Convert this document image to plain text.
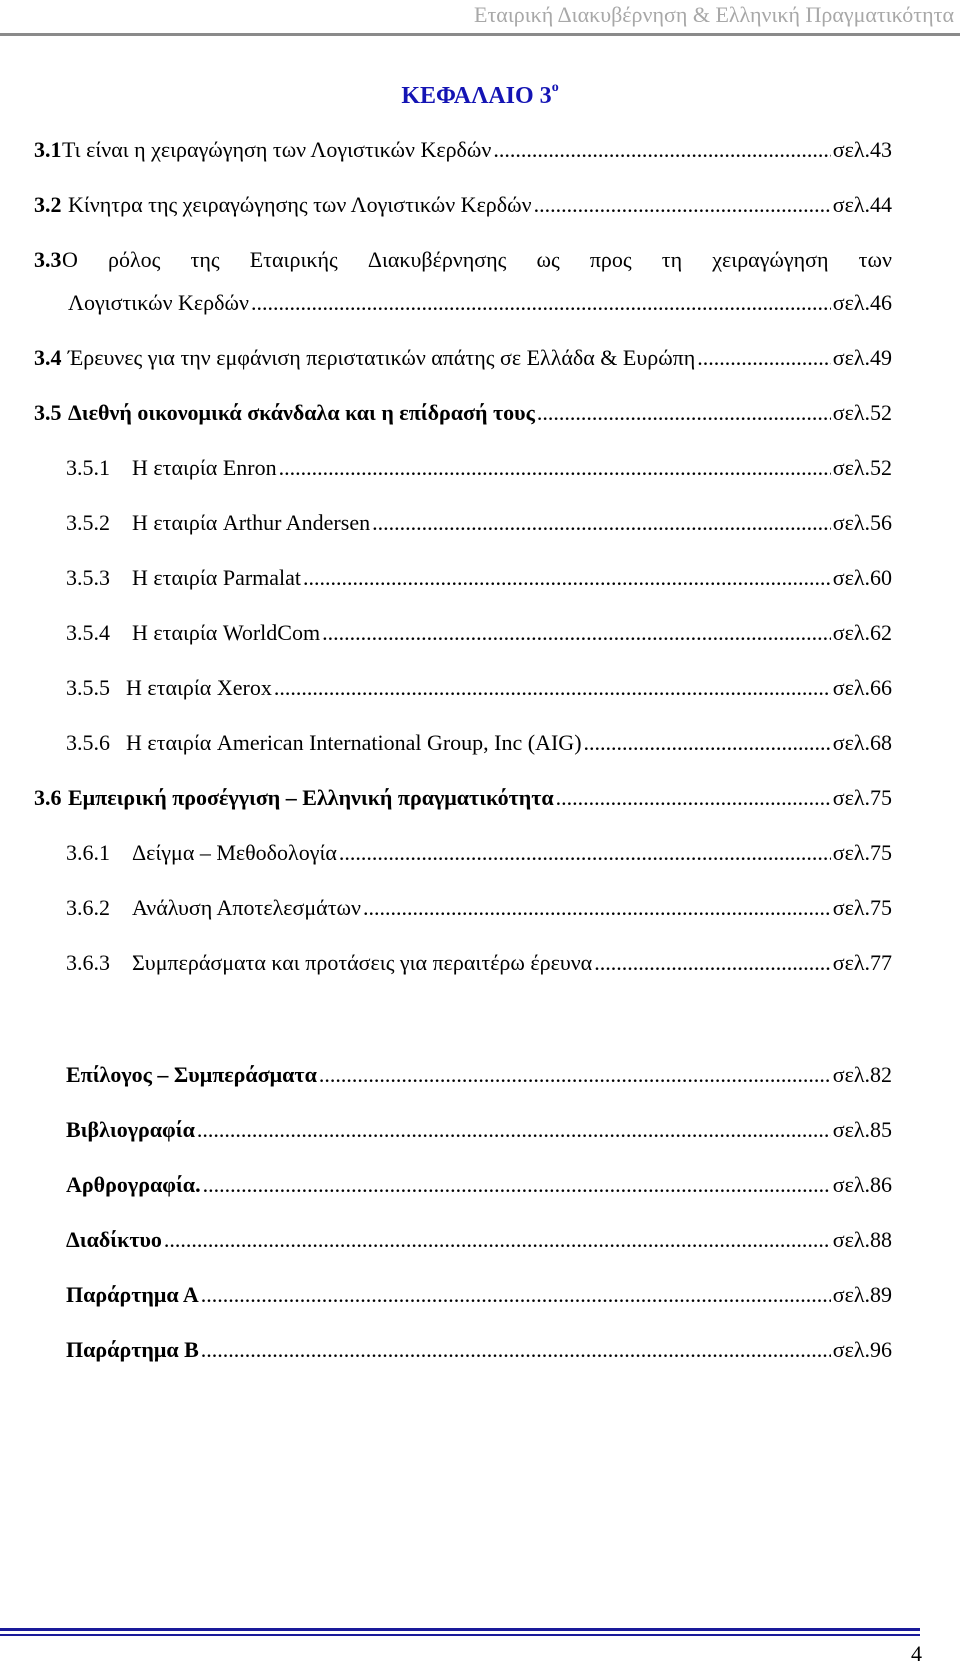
Εταιρική Διακυβέρνηση & Ελληνική Πραγματικότητα
ΚΕΦΑΛΑΙΟ $3^o$
3.1 Τι είναι η χειραγώγηση των Λογιστικών Κερδών .....	σελ.43
3.2 Κίνητρα της χειραγώγησης των Λογιστικών Κερδών .....	σελ.44
3.3 Ο ρόλος της Εταιρικής Διακυβέρνησης ως προς τη χειραγώγηση των
Λογιστικών Κερδών .....	σελ.46
3.4 Έρευνες για την εμφάνιση περιστατικών απάτης σε Ελλάδα & Ευρώπη .....	σελ.49
3.5 Διεθνή οικονομικά σκάνδαλα και η επίδρασή τους .....	σελ.52
3.5.1	Η εταιρία Enron .....	σελ.52
3.5.2	Η εταιρία Arthur Andersen .....	σελ.56
3.5.3	Η εταιρία Parmalat .....	σελ.60
3.5.4	Η εταιρία WorldCom .....	σελ.62
3.5.5 Η εταιρία Xerox .....	σελ.66
3.5.6 Η εταιρία American International Group, Inc (AIG) .....	σελ.68
3.6 Εμπειρική προσέγγιση – Ελληνική πραγματικότητα .....	σελ.75
3.6.1	Δείγμα – Μεθοδολογία .....	σελ.75
3.6.2	Ανάλυση Αποτελεσμάτων .....	σελ.75
3.6.3	Συμπεράσματα και προτάσεις για περαιτέρω έρευνα .....	σελ.77
Επίλογος – Συμπεράσματα .....	σελ.82
Βιβλιογραφία .....	σελ.85
Αρθρογραφία. .....	σελ.86
Διαδίκτυο .....	σελ.88
Παράρτημα Α .....	σελ.89
Παράρτημα Β .....	σελ.96
4
